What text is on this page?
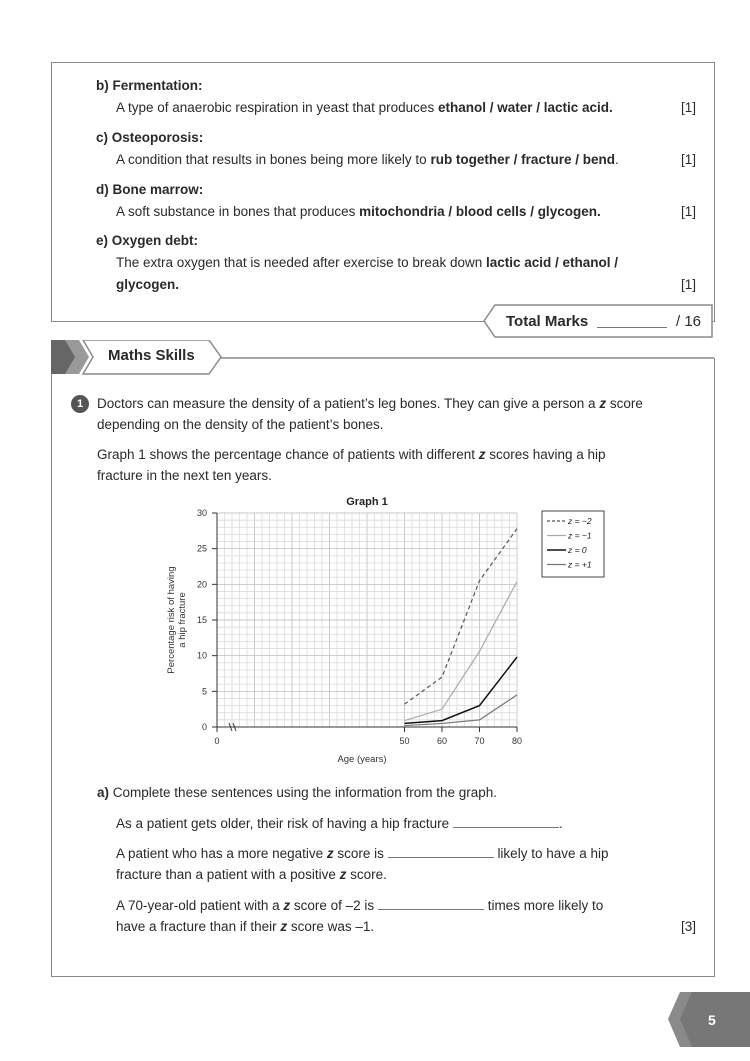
b) Fermentation:
A type of anaerobic respiration in yeast that produces ethanol / water / lactic acid.	[1]
c) Osteoporosis:
A condition that results in bones being more likely to rub together / fracture / bend.	[1]
d) Bone marrow:
A soft substance in bones that produces mitochondria / blood cells / glycogen.	[1]
e) Oxygen debt:
The extra oxygen that is needed after exercise to break down lactic acid / ethanol /
glycogen.	[1]
Total Marks	/ 16
Maths Skills
1	Doctors can measure the density of a patient’s leg bones. They can give a person a z score
depending on the density of the patient’s bones.
Graph 1 shows the percentage chance of patients with different z scores having a hip
fracture in the next ten years.
0	50	60	70	80
0
5
10
15
20
25
30
Graph 1
Age (years)
Percentage risk of having a hip fracture
z = −2
z = −1
z = 0
z = +1
a) Complete these sentences using the information from the graph.
As a patient gets older, their risk of having a hip fracture	.
A patient who has a more negative z score is	likely to have a hip
fracture than a patient with a positive z score.
A 70-year-old patient with a z score of –2 is	times more likely to
have a fracture than if their z score was –1.	[3]
5
